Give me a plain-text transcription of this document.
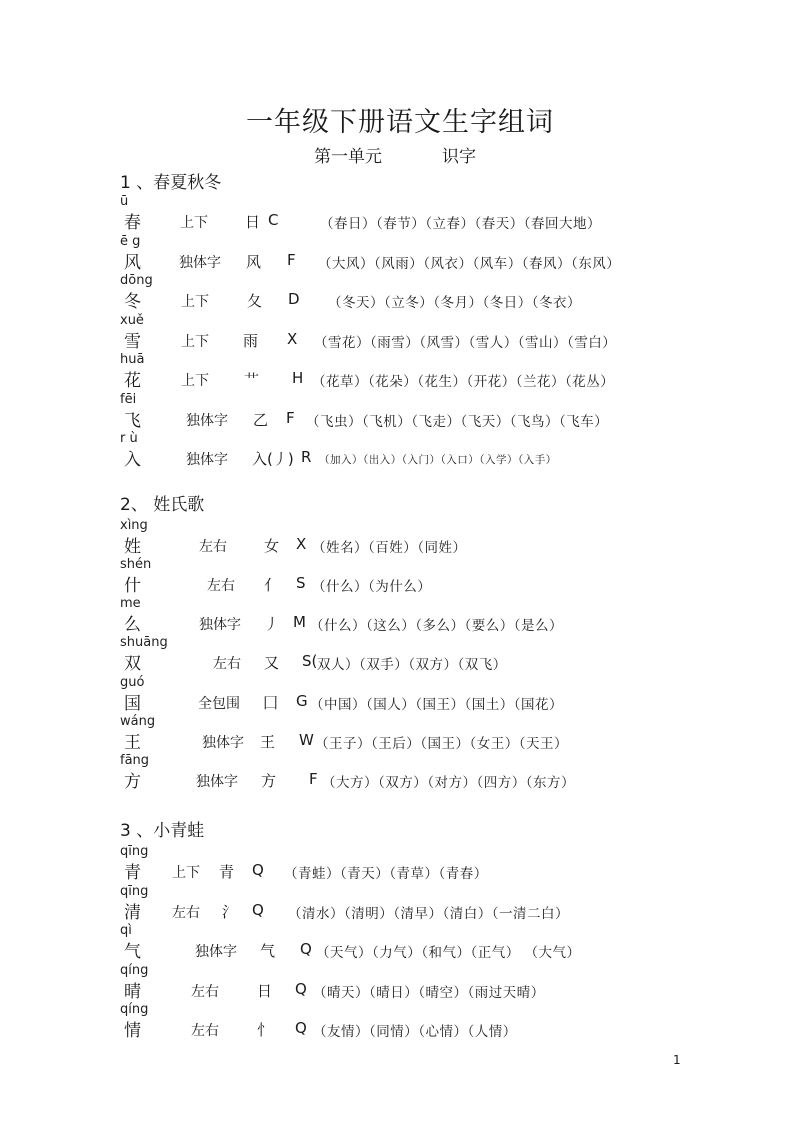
一年级下册语文生字组词
第一单元	识字
1 、春夏秋冬
ū
春	上下 日 C	（春日）（春节）（立春）（春天）（春回大地）
ē g
风	独体字 风 F （大风）（风雨）（风衣）（风车）（春风）（东风）
dōng
冬	上下	夂 D （冬天）（立冬）（冬月）（冬日）（冬衣）
xuě
雪	上下 雨 X （雪花）（雨雪）（风雪）（雪人）（雪山）（雪白）
huā
花	上下 艹 H （花草）（花朵）（花生）（开花）（兰花）（花丛）
fēi
飞	独体字 乙 F （飞虫）（飞机）（飞走）（飞天）（飞鸟）（飞车）
r ù
入	独体字 入(丿) R （加入）（出入）（入门）（入口）（入学）（入手）
2、 姓氏歌
xìng
姓	左右 女 X （姓名）（百姓）（同姓）
shén
什	左右 亻 S （什么）（为什么）
me
么	独体字 丿 M （什么）（这么）（多么）（要么）（是么）
shuāng
双	左右 又 S( 双人）（双手）（双方）（双飞）
guó
国	全包围 囗 G （中国）（国人）（国王）（国土）（国花）
wáng
王	独体字 王 W （王子）（王后）（国王）（女王）（天王）
fāng
方	独体字 方 F （大方）（双方）（对方）（四方）（东方）
3 、小青蛙
qīng
青 上下 青 Q （青蛙）（青天）（青草）（青春）
qīng
清 左右 氵 Q （清水）（清明）（清早）（清白）（一清二白）
qì
气	独体字 气 Q （天气）（力气）（和气）（正气） （大气）
qíng
晴	左右	日 Q （晴天）（晴日）（晴空）（雨过天晴）
qíng
情	左右	忄 Q （友情）（同情）（心情）（人情）
1
